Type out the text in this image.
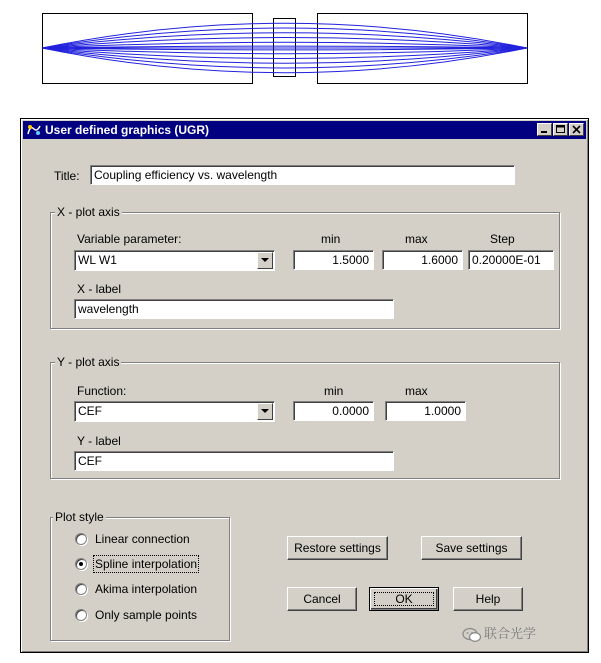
User defined graphics (UGR)
Title:	Coupling efficiency vs. wavelength
X - plot axis
Variable parameter:	min	max	Step
WL W1	1.5000	1.6000	0.20000E-01
X - label
wavelength
Y - plot axis
Function:	min	max
CEF	0.0000	1.0000
Y - label
CEF
Plot style
Linear connection
Spline interpolation
Akima interpolation
Only sample points
Restore settings	Save settings
Cancel	OK	Help
联合光学
